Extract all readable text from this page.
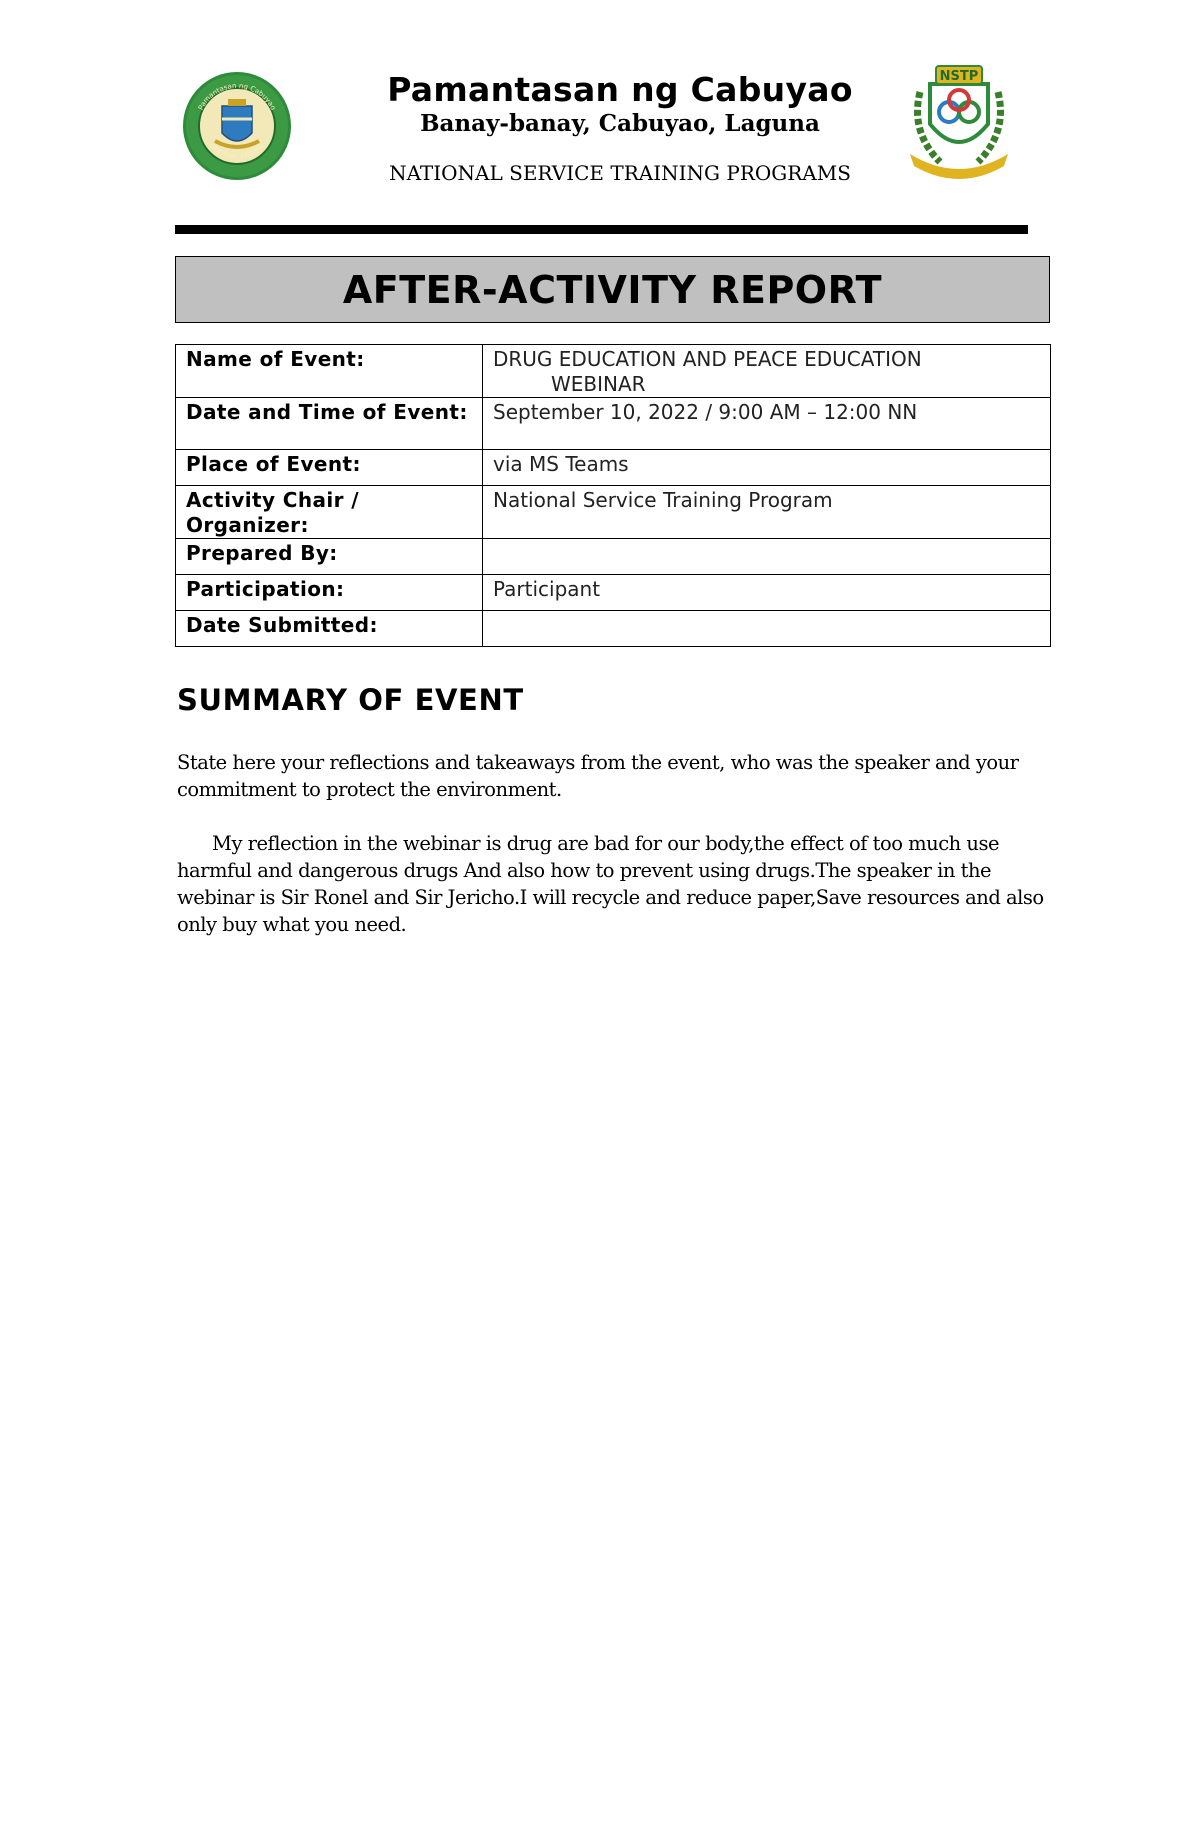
Pamantasan ng Cabuyao
CABUYAO, LAGUNA
NSTP
Pamantasan ng Cabuyao
Banay-banay, Cabuyao, Laguna
NATIONAL SERVICE TRAINING PROGRAMS
AFTER-ACTIVITY REPORT
Name of Event:	DRUG EDUCATION AND PEACE EDUCATION
WEBINAR
Date and Time of Event:	September 10, 2022 / 9:00 AM – 12:00 NN
Place of Event:	via MS Teams
Activity Chair / Organizer:	National Service Training Program
Prepared By:	
Participation:	Participant
Date Submitted:	
SUMMARY OF EVENT
State here your reflections and takeaways from the event, who was the speaker and your commitment to protect the environment.
My reflection in the webinar is drug are bad for our body,the effect of too much use harmful and dangerous drugs And also how to prevent using drugs.The speaker in the webinar is Sir Ronel and Sir Jericho.I will recycle and reduce paper,Save resources and also only buy what you need.
